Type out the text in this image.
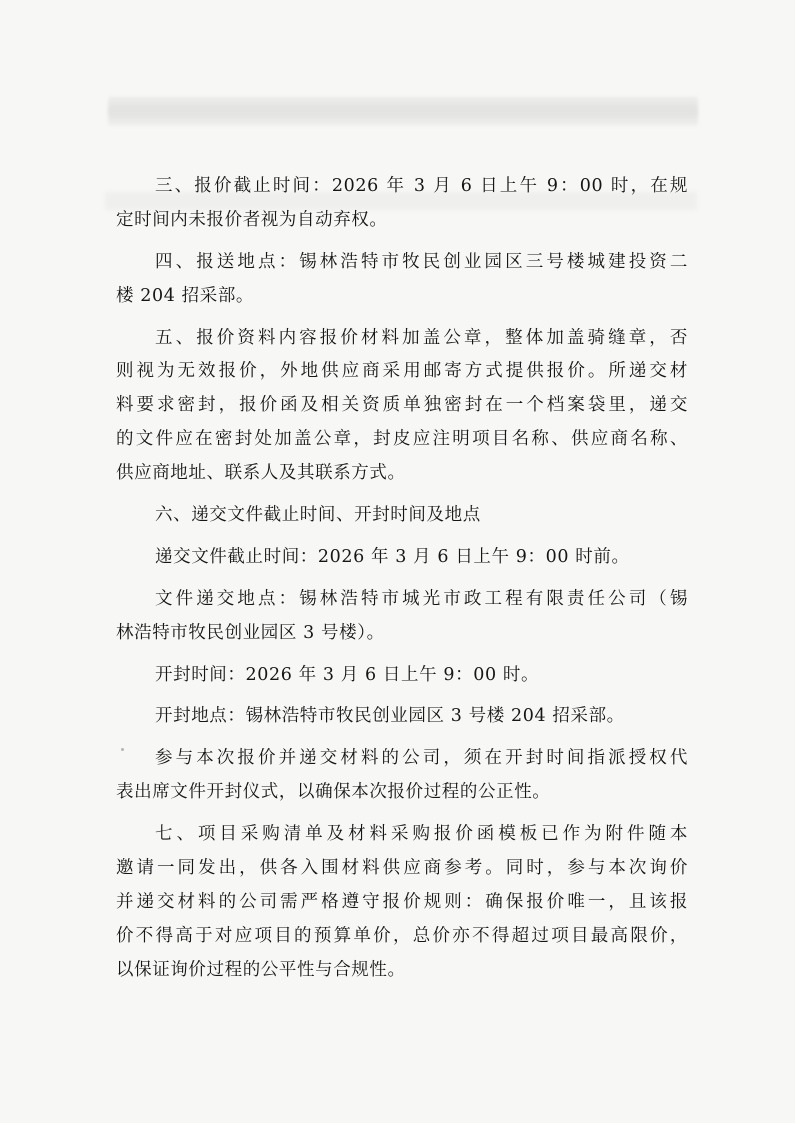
三、报价截止时间：2026 年 3 月 6 日上午 9：00 时，在规
定时间内未报价者视为自动弃权。
四、报送地点：锡林浩特市牧民创业园区三号楼城建投资二
楼 204 招采部。
五、报价资料内容报价材料加盖公章，整体加盖骑缝章，否
则视为无效报价，外地供应商采用邮寄方式提供报价。所递交材
料要求密封，报价函及相关资质单独密封在一个档案袋里，递交
的文件应在密封处加盖公章，封皮应注明项目名称、供应商名称、
供应商地址、联系人及其联系方式。
六、递交文件截止时间、开封时间及地点
递交文件截止时间：2026 年 3 月 6 日上午 9：00 时前。
文件递交地点：锡林浩特市城光市政工程有限责任公司（锡
林浩特市牧民创业园区 3 号楼）。
开封时间：2026 年 3 月 6 日上午 9：00 时。
开封地点：锡林浩特市牧民创业园区 3 号楼 204 招采部。
参与本次报价并递交材料的公司，须在开封时间指派授权代
表出席文件开封仪式，以确保本次报价过程的公正性。
七、项目采购清单及材料采购报价函模板已作为附件随本
邀请一同发出，供各入围材料供应商参考。同时，参与本次询价
并递交材料的公司需严格遵守报价规则：确保报价唯一，且该报
价不得高于对应项目的预算单价，总价亦不得超过项目最高限价，
以保证询价过程的公平性与合规性。
